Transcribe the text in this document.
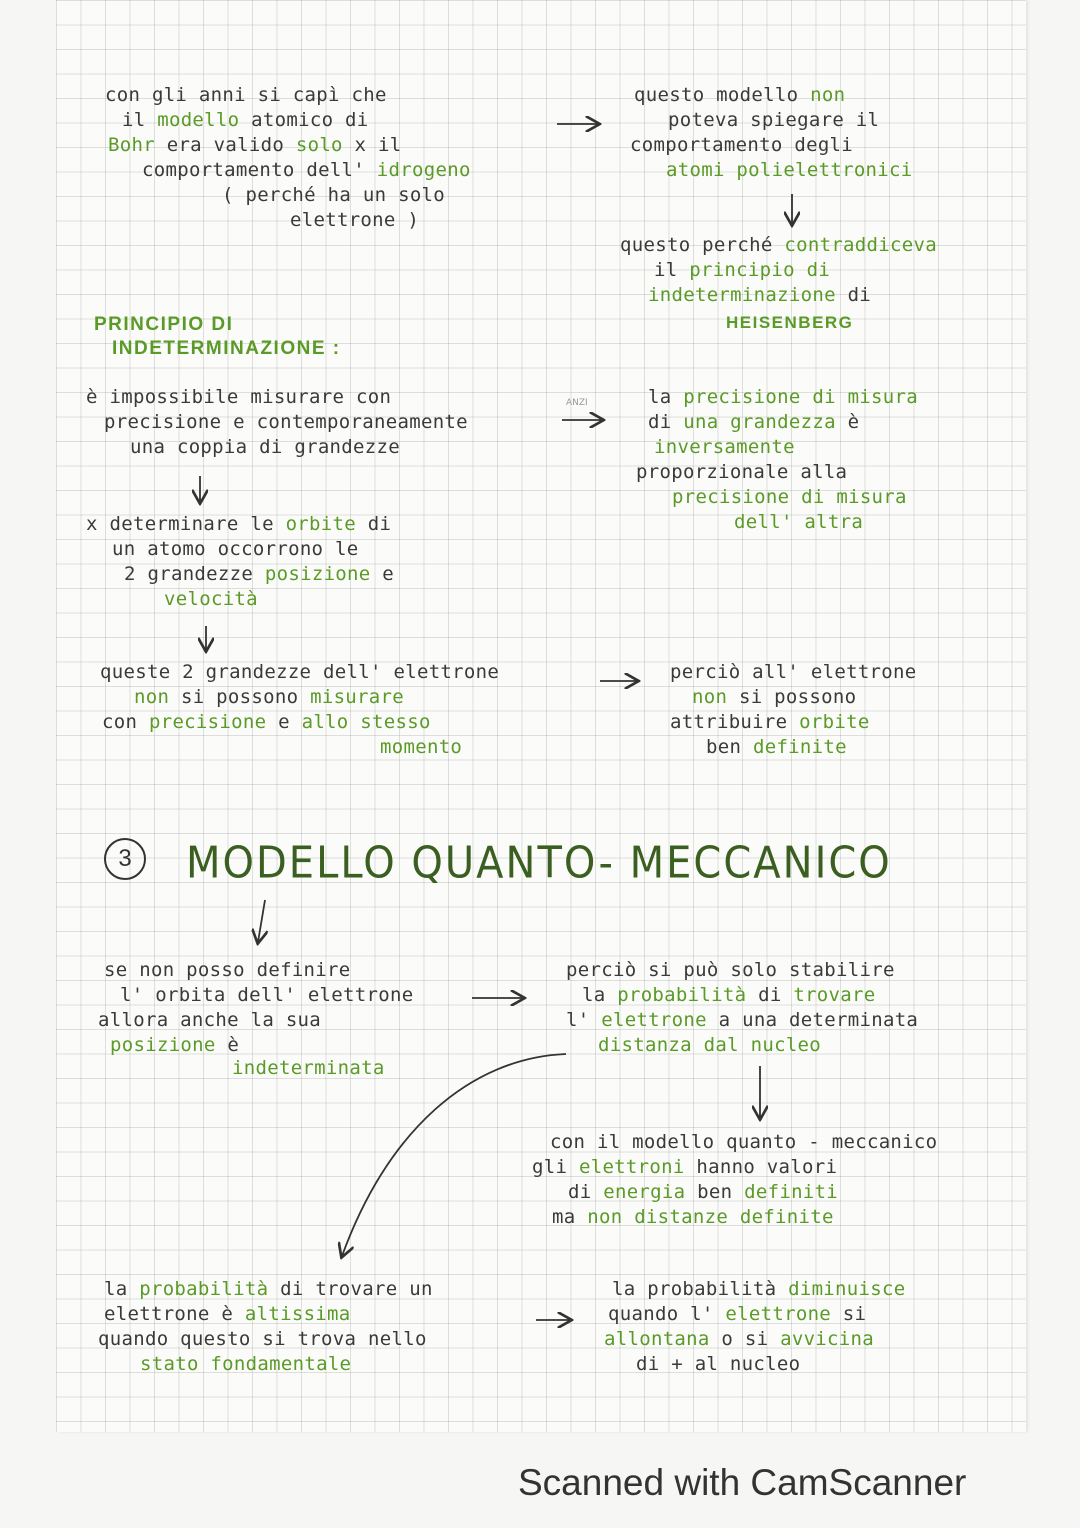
con gli anni si capì che

il modello atomico di

Bohr era valido solo x il

comportamento dell' idrogeno

( perché ha un solo

elettrone )

questo modello non

poteva spiegare il

comportamento degli

atomi polielettronici

questo perché contraddiceva

il principio di

indeterminazione di

HEISENBERG

PRINCIPIO DI

INDETERMINAZIONE :

è impossibile misurare con

precisione e contemporaneamente

una coppia di grandezze

ANZI	la precisione di misura

di una grandezza è

inversamente

proporzionale alla

precisione di misura

dell' altra

x determinare le orbite di

un atomo occorrono le

2 grandezze posizione e

velocità

queste 2 grandezze dell' elettrone

non si possono misurare

con precisione e allo stesso

momento

perciò all' elettrone

non si possono

attribuire orbite

ben definite

3	MODELLO QUANTO- MECCANICO

se non posso definire

l' orbita dell' elettrone

allora anche la sua

posizione è

indeterminata

perciò si può solo stabilire

la probabilità di trovare

l' elettrone a una determinata

distanza dal nucleo

con il modello quanto - meccanico

gli elettroni hanno valori

di energia ben definiti

ma non distanze definite

la probabilità di trovare un

elettrone è altissima

quando questo si trova nello

stato fondamentale

la probabilità diminuisce

quando l' elettrone si

allontana o si avvicina

di + al nucleo

Scanned with CamScanner
